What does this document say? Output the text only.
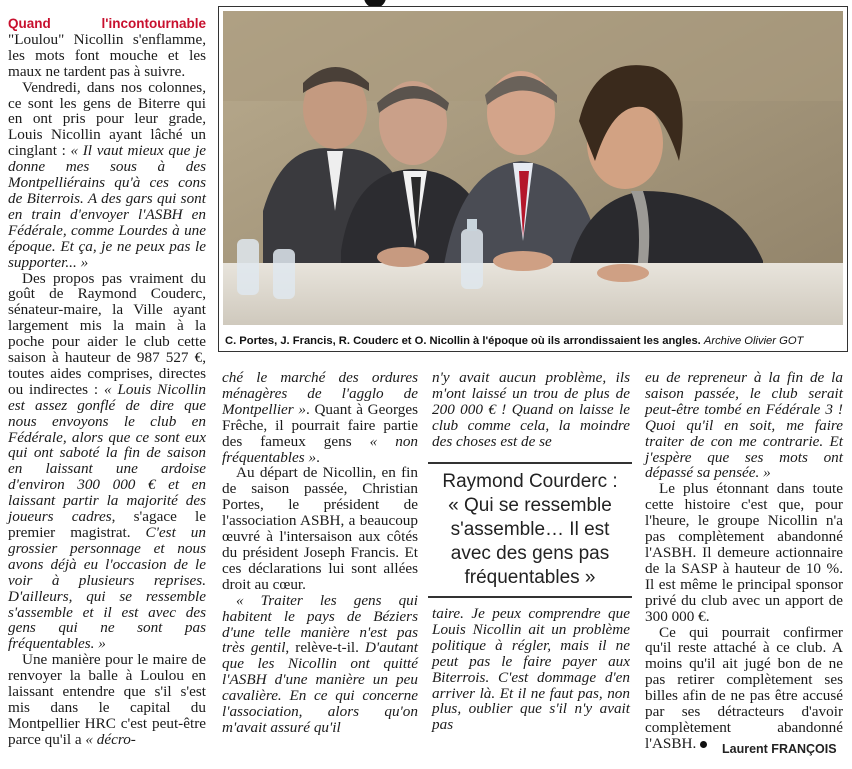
Quand l'incontournable "Loulou" Nicollin s'enflamme, les mots font mouche et les maux ne tardent pas à suivre.

Vendredi, dans nos colonnes, ce sont les gens de Biterre qui en ont pris pour leur grade, Louis Nicollin ayant lâché un cinglant : « Il vaut mieux que je donne mes sous à des Montpelliérains qu'à ces cons de Biterrois. A des gars qui sont en train d'envoyer l'ASBH en Fédérale, comme Lourdes à une époque. Et ça, je ne peux pas le supporter... »

Des propos pas vraiment du goût de Raymond Couderc, sénateur-maire, la Ville ayant largement mis la main à la poche pour aider le club cette saison à hauteur de 987 527 €, toutes aides comprises, directes ou indirectes : « Louis Nicollin est assez gonflé de dire que nous envoyons le club en Fédérale, alors que ce sont eux qui ont saboté la fin de saison en laissant une ardoise d'environ 300 000 € et en laissant partir la majorité des joueurs cadres, s'agace le premier magistrat. C'est un grossier personnage et nous avons déjà eu l'occasion de le voir à plusieurs reprises. D'ailleurs, qui se ressemble s'assemble et il est avec des gens qui ne sont pas fréquentables. »

Une manière pour le maire de renvoyer la balle à Loulou en laissant entendre que s'il s'est mis dans le capital du Montpellier HRC c'est peut-être parce qu'il a « décro-

C. Portes, J. Francis, R. Couderc et O. Nicollin à l'époque où ils arrondissaient les angles. Archive Olivier GOT

ché le marché des ordures ménagères de l'agglo de Montpellier ». Quant à Georges Frêche, il pourrait faire partie des fameux gens « non fréquentables ».

Au départ de Nicollin, en fin de saison passée, Christian Portes, le président de l'association ASBH, a beaucoup œuvré à l'intersaison aux côtés du président Joseph Francis. Et ces déclarations lui sont allées droit au cœur.

« Traiter les gens qui habitent le pays de Béziers d'une telle manière n'est pas très gentil, relève-t-il. D'autant que les Nicollin ont quitté l'ASBH d'une manière un peu cavalière. En ce qui concerne l'association, alors qu'on m'avait assuré qu'il

n'y avait aucun problème, ils m'ont laissé un trou de plus de 200 000 € ! Quand on laisse le club comme cela, la moindre des choses est de se

Raymond Courderc :
« Qui se ressemble s'assemble… Il est avec des gens pas fréquentables »

taire. Je peux comprendre que Louis Nicollin ait un problème politique à régler, mais il ne peut pas le faire payer aux Biterrois. C'est dommage d'en arriver là. Et il ne faut pas, non plus, oublier que s'il n'y avait pas

eu de repreneur à la fin de la saison passée, le club serait peut-être tombé en Fédérale 3 ! Quoi qu'il en soit, me faire traiter de con me contrarie. Et j'espère que ses mots ont dépassé sa pensée. »

Le plus étonnant dans toute cette histoire c'est que, pour l'heure, le groupe Nicollin n'a pas complètement abandonné l'ASBH. Il demeure actionnaire de la SASP à hauteur de 10 %. Il est même le principal sponsor privé du club avec un apport de 300 000 €.

Ce qui pourrait confirmer qu'il reste attaché à ce club. A moins qu'il ait jugé bon de ne pas retirer complètement ses billes afin de ne pas être accusé par ses détracteurs d'avoir complètement abandonné l'ASBH.	Laurent FRANÇOIS
